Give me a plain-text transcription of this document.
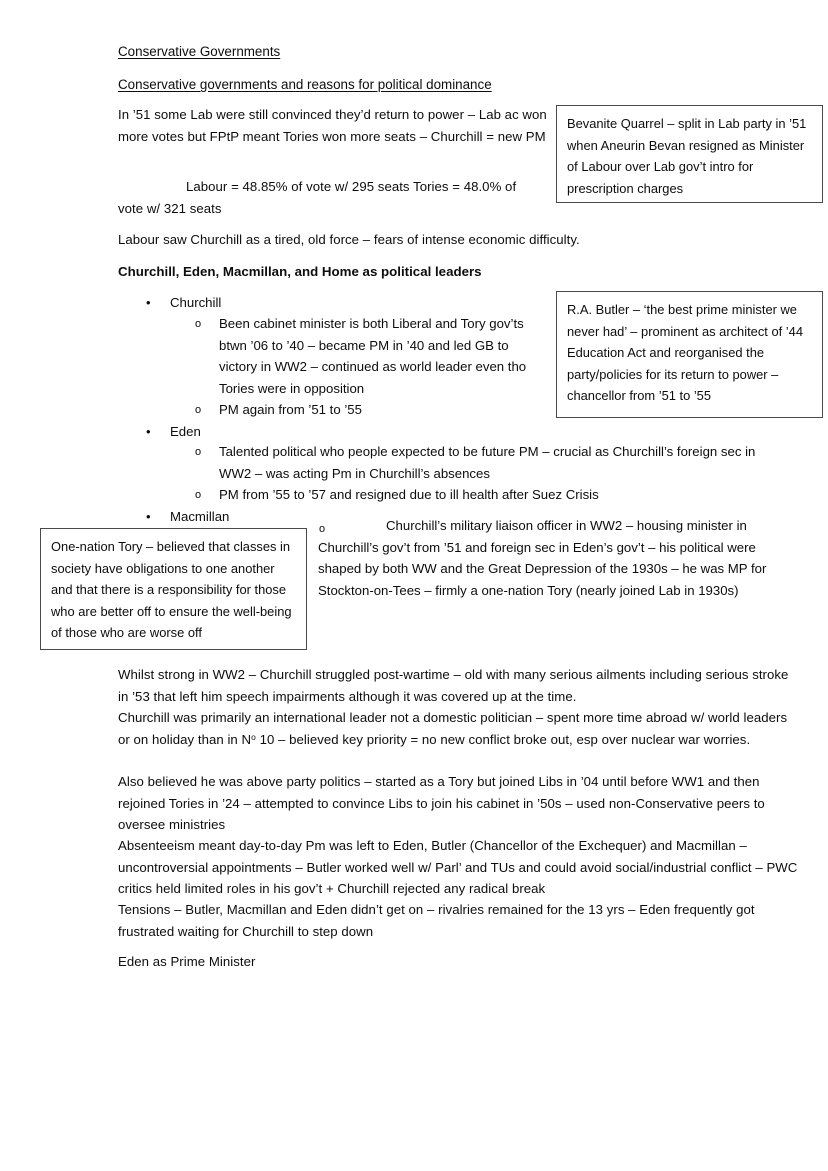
Conservative Governments
Conservative governments and reasons for political dominance
In ’51 some Lab were still convinced they’d return to power – Lab ac won more votes but FPtP meant Tories won more seats – Churchill = new PM
Labour = 48.85% of vote w/ 295 seats Tories = 48.0% of vote w/ 321 seats
Labour saw Churchill as a tired, old force – fears of intense economic difficulty.
Churchill, Eden, Macmillan, and Home as political leaders
Bevanite Quarrel – split in Lab party in ’51 when Aneurin Bevan resigned as Minister of Labour over Lab gov’t intro for prescription charges
R.A. Butler – ‘the best prime minister we never had’ – prominent as architect of ’44 Education Act and reorganised the party/policies for its return to power – chancellor from ’51 to ’55
One-nation Tory – believed that classes in society have obligations to one another and that there is a responsibility for those who are better off to ensure the well-being of those who are worse off
• Churchill
o Been cabinet minister is both Liberal and Tory gov’ts btwn ’06 to ’40 – became PM in ’40 and led GB to victory in WW2 – continued as world leader even tho Tories were in opposition
o PM again from ’51 to ’55
• Eden
o Talented political who people expected to be future PM – crucial as Churchill’s foreign sec in WW2 – was acting Pm in Churchill’s absences
o PM from ’55 to ’57 and resigned due to ill health after Suez Crisis
• Macmillan
o	Churchill’s military liaison officer in WW2 – housing minister in Churchill’s gov’t from ’51 and foreign sec in Eden’s gov’t – his political were shaped by both WW and the Great Depression of the 1930s – he was MP for Stockton-on-Tees – firmly a one-nation Tory (nearly joined Lab in 1930s)
Whilst strong in WW2 – Churchill struggled post-wartime – old with many serious ailments including serious stroke in ’53 that left him speech impairments although it was covered up at the time.
Churchill was primarily an international leader not a domestic politician – spent more time abroad w/ world leaders or on holiday than in $N^o$ 10 – believed key priority = no new conflict broke out, esp over nuclear war worries.
Also believed he was above party politics – started as a Tory but joined Libs in ’04 until before WW1 and then rejoined Tories in ’24 – attempted to convince Libs to join his cabinet in ’50s – used non-Conservative peers to oversee ministries
Absenteeism meant day-to-day Pm was left to Eden, Butler (Chancellor of the Exchequer) and Macmillan – uncontroversial appointments – Butler worked well w/ Parl’ and TUs and could avoid social/industrial conflict – PWC critics held limited roles in his gov’t + Churchill rejected any radical break
Tensions – Butler, Macmillan and Eden didn’t get on – rivalries remained for the 13 yrs – Eden frequently got frustrated waiting for Churchill to step down
Eden as Prime Minister
